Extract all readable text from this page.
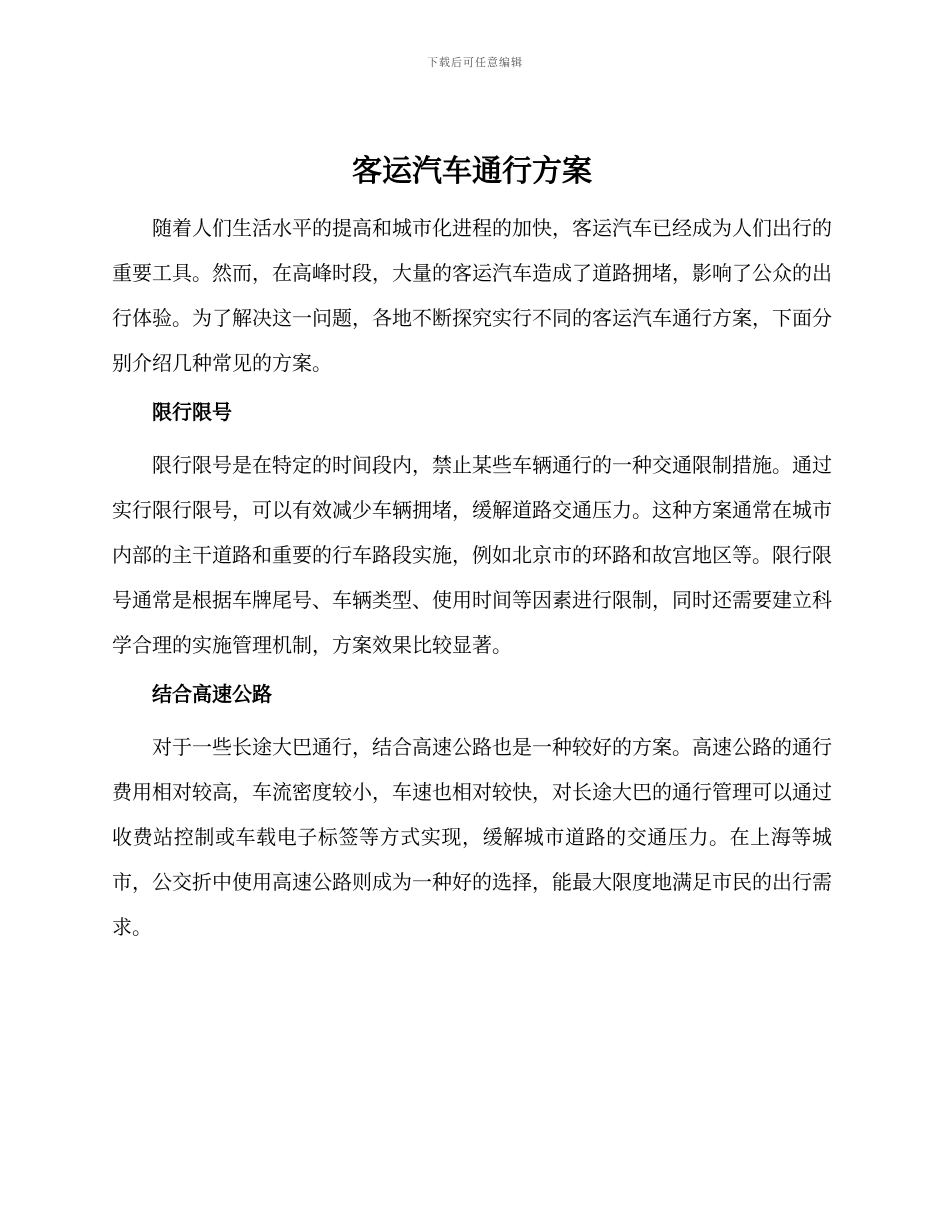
下载后可任意编辑
客运汽车通行方案

随着人们生活水平的提高和城市化进程的加快，客运汽车已经成为人们出行的重要工具。然而，在高峰时段，大量的客运汽车造成了道路拥堵，影响了公众的出行体验。为了解决这一问题，各地不断探究实行不同的客运汽车通行方案，下面分别介绍几种常见的方案。

限行限号

限行限号是在特定的时间段内，禁止某些车辆通行的一种交通限制措施。通过实行限行限号，可以有效减少车辆拥堵，缓解道路交通压力。这种方案通常在城市内部的主干道路和重要的行车路段实施，例如北京市的环路和故宫地区等。限行限号通常是根据车牌尾号、车辆类型、使用时间等因素进行限制，同时还需要建立科学合理的实施管理机制，方案效果比较显著。

结合高速公路

对于一些长途大巴通行，结合高速公路也是一种较好的方案。高速公路的通行费用相对较高，车流密度较小，车速也相对较快，对长途大巴的通行管理可以通过收费站控制或车载电子标签等方式实现，缓解城市道路的交通压力。在上海等城市，公交折中使用高速公路则成为一种好的选择，能最大限度地满足市民的出行需求。
